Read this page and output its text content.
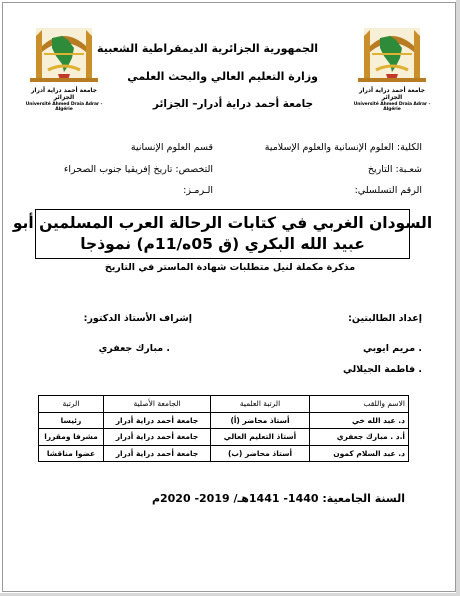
جامعة أحمد دراية أدرار الجزائر
Université Ahmed Draia Adrar - Algérie
جامعة أحمد دراية أدرار الجزائر
Université Ahmed Draia Adrar - Algérie
الجمهورية الجزائرية الديمقراطية الشعبية
وزارة التعليم العالي والبحث العلمي
جامعة أحمد دراية أدرار– الجزائر
الكلية: العلوم الإنسانية والعلوم الإسلامية
قسم العلوم الإنسانية
شعـبة: التاريخ
التخصص: تاريخ إفريقيا جنوب الصحراء
الرقم التسلسلي:
الـرمـز:
السودان الغربي في كتابات الرحالة العرب المسلمين أبو
عبيد الله البكري (ق 05ه/11م) نموذجا
مذكرة مكملة لنيل متطلبات شهادة الماستر في التاريخ
إعداد الطالبتين:
إشراف الأستاذ الدكتور:
. مريم ايوبي
. مبارك جعفري
. فاطمة الجيلالي
الاسم واللقب	الرتبة العلمية	الجامعة الأصلية	الرتبة
د. عبد الله خي	أستاذ محاضر (أ)	جامعة أحمد دراية أدرار	رئيسا
أ.د . مبارك جعفري	أستاذ التعليم العالي	جامعة أحمد دراية أدرار	مشرفا ومقررا
د. عبد السلام كمون	أستاذ محاضر (ب)	جامعة أحمد دراية أدرار	عضوا مناقشا
السنة الجامعية: 1440- 1441هـ/ 2019- 2020م
